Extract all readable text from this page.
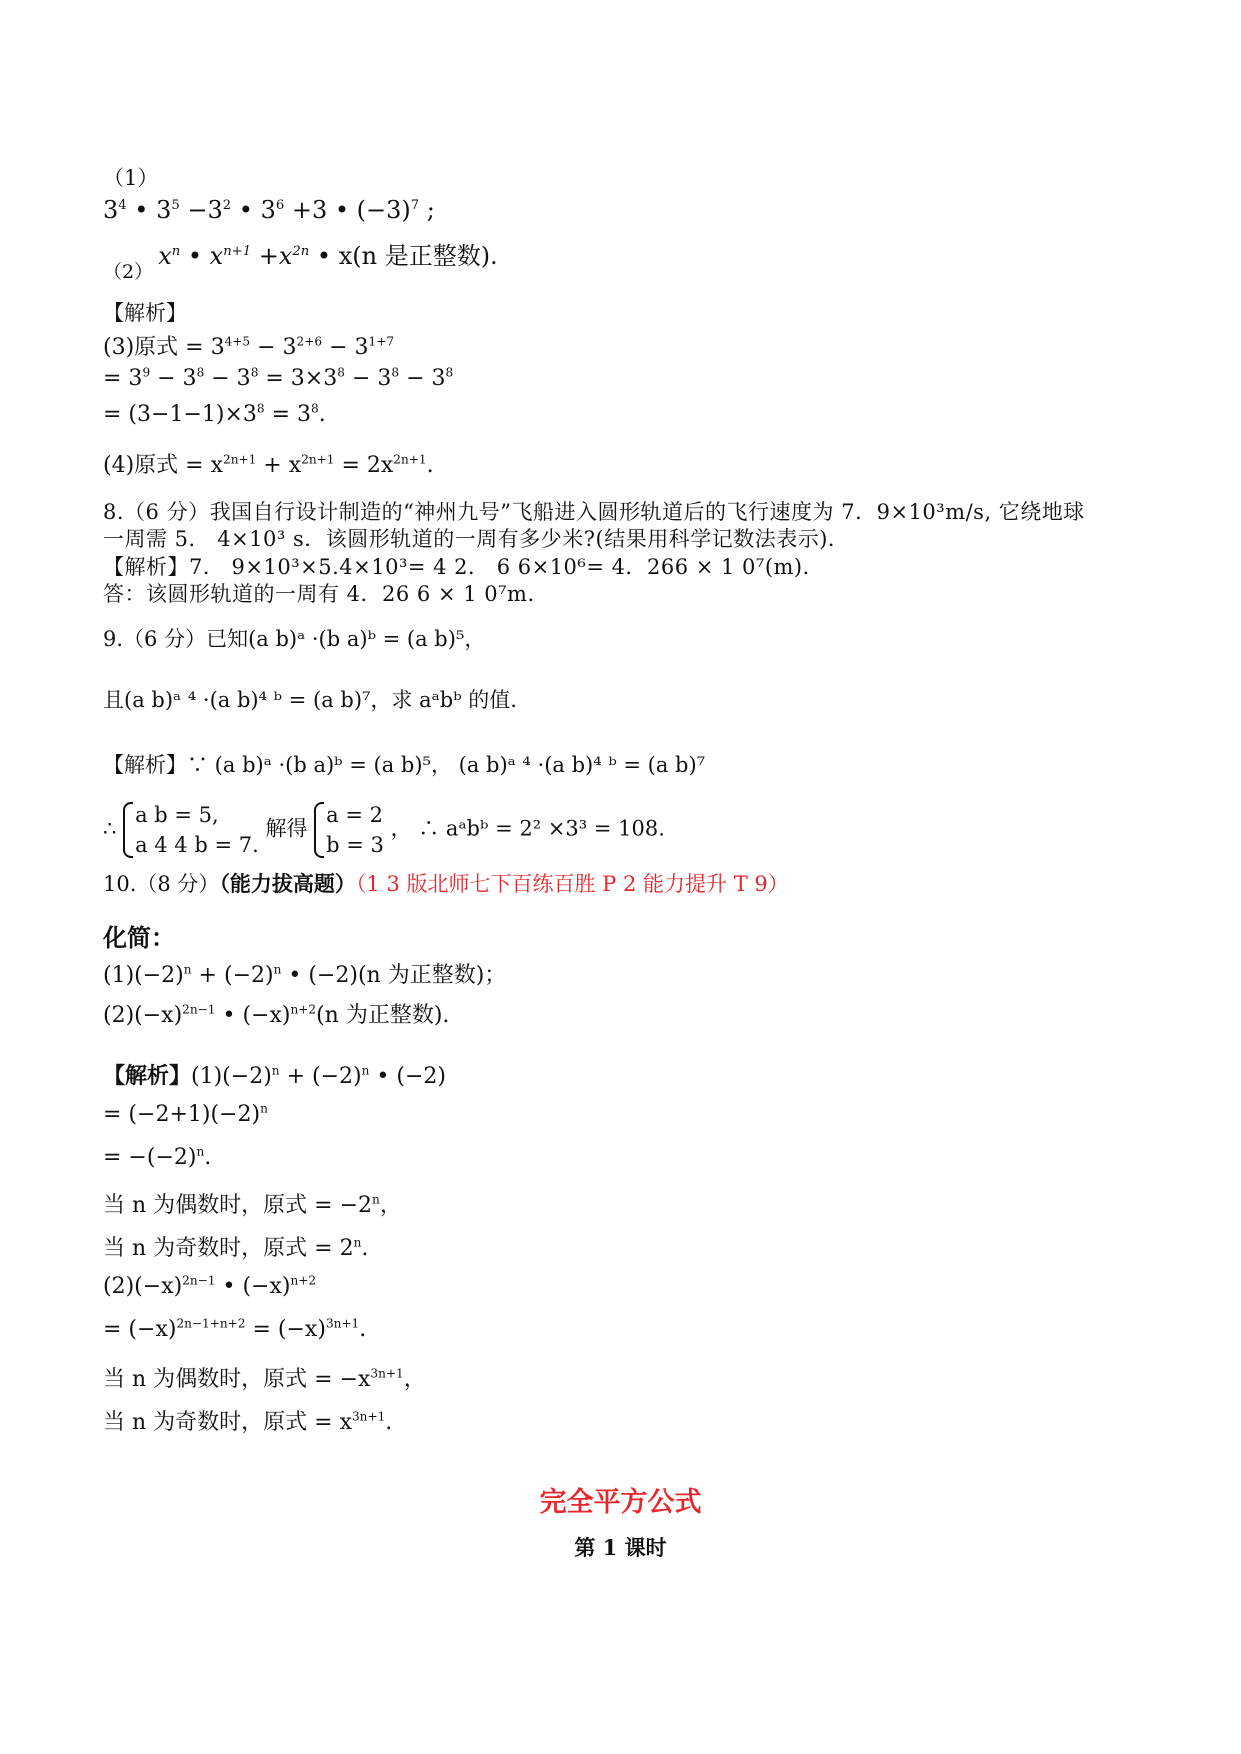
（1）
$3^4$ • $3^5 -3^2$ • $3^6 +3$ • $(-3)^7$ ;
（2） $x^n$ • $x^{n+1} +x^{2n}$ • x(n 是正整数).
【解析】
(3)原式 = $3^{4+5} - 3^{2+6} - 3^{1+7}$
= $3^9 - 3^8 - 3^8 = 3\times 3^8 - 3^8 - 3^8$
= $(3-1-1)\times 3^8 = 3^8$.
(4)原式 = $x^{2n+1} + x^{2n+1} = 2x^{2n+1}$.
8.（6 分）我国自行设计制造的“神州九号”飞船进入圆形轨道后的飞行速度为 7．9×10³m/s, 它绕地球
一周需 5． 4×10³ s．该圆形轨道的一周有多少米?(结果用科学记数法表示)．
【解析】7． 9×10³×5.4×10³= 4 2． 6 6×10⁶= 4．266 × 1 0⁷(m)．
答：该圆形轨道的一周有 4．26 6 × 1 0⁷m.
9.（6 分）已知(a b)ᵃ ·(b a)ᵇ = (a b)⁵，
且(a b)ᵃ ⁴ ·(a b)⁴ ᵇ = (a b)⁷，求 aᵃbᵇ 的值.
【解析】∵ (a b)ᵃ ·(b a)ᵇ = (a b)⁵， (a b)ᵃ ⁴ ·(a b)⁴ ᵇ = (a b)⁷
∴ a b = 5,
a 4 4 b = 7. 解得 a = 2
b = 3 ， ∴ aᵃbᵇ = 2² ×3³ = 108.
10.（8 分）（能力拔高题）（1 3 版北师七下百练百胜 P 2 能力提升 T 9）
化简：
$(1)(-2)^n + (-2)^n$ • (−2)(n 为正整数)；
$(2)(-x)^{2n-1}$ • $(-x)^{n+2}(n$ 为正整数).
【解析】$(1)(-2)^n + (-2)^n$ • (−2)
= $(-2+1)(-2)^n$
= $-(-2)^n$.
当 n 为偶数时，原式 = $-2^n$，
当 n 为奇数时，原式 = $2^n$.
$(2)(-x)^{2n-1}$ • $(-x)^{n+2}$
= $(-x)^{2n-1+n+2} = (-x)^{3n+1}$.
当 n 为偶数时，原式 = $-x^{3n+1}$，
当 n 为奇数时，原式 = $x^{3n+1}$.
完全平方公式
第 1 课时
